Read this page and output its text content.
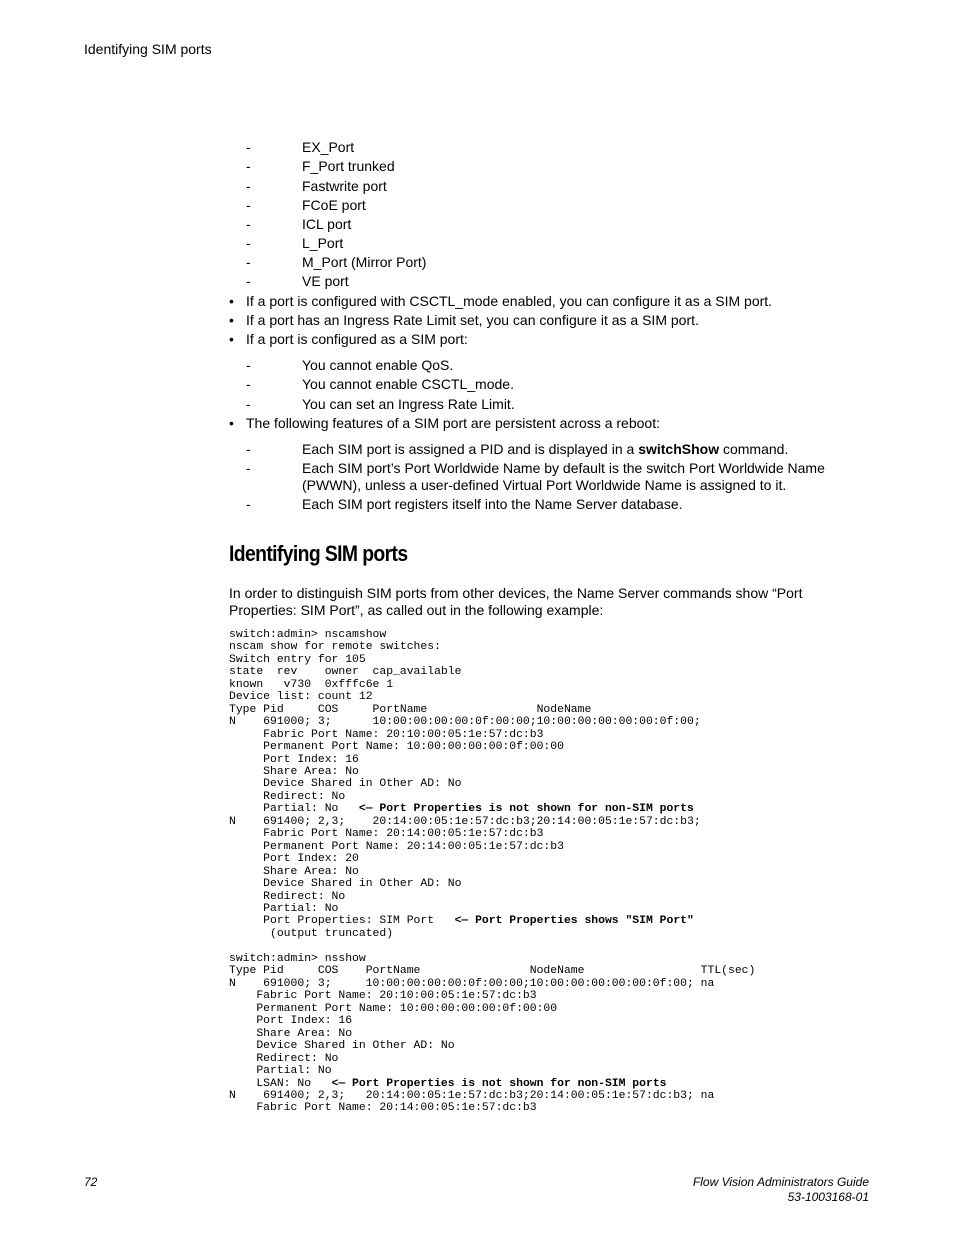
Identifying SIM ports
-	EX_Port
-	F_Port trunked
-	Fastwrite port
-	FCoE port
-	ICL port
-	L_Port
-	M_Port (Mirror Port)
-	VE port
• If a port is configured with CSCTL_mode enabled, you can configure it as a SIM port.
• If a port has an Ingress Rate Limit set, you can configure it as a SIM port.
• If a port is configured as a SIM port:
-	You cannot enable QoS.
-	You cannot enable CSCTL_mode.
-	You can set an Ingress Rate Limit.
• The following features of a SIM port are persistent across a reboot:
-	Each SIM port is assigned a PID and is displayed in a switchShow command.
-	Each SIM port’s Port Worldwide Name by default is the switch Port Worldwide Name
(PWWN), unless a user-defined Virtual Port Worldwide Name is assigned to it.
-	Each SIM port registers itself into the Name Server database.
Identifying SIM ports
In order to distinguish SIM ports from other devices, the Name Server commands show “Port
Properties: SIM Port”, as called out in the following example:
switch:admin> nscamshow
nscam show for remote switches:
Switch entry for 105
state  rev    owner  cap_available
known   v730  0xfffc6e 1
Device list: count 12
Type Pid     COS     PortName                NodeName
N    691000; 3;      10:00:00:00:00:0f:00:00;10:00:00:00:00:00:0f:00;
Fabric Port Name: 20:10:00:05:1e:57:dc:b3
Permanent Port Name: 10:00:00:00:00:0f:00:00
Port Index: 16
Share Area: No
Device Shared in Other AD: No
Redirect: No
Partial: No   <— Port Properties is not shown for non-SIM ports
N    691400; 2,3;    20:14:00:05:1e:57:dc:b3;20:14:00:05:1e:57:dc:b3;
Fabric Port Name: 20:14:00:05:1e:57:dc:b3
Permanent Port Name: 20:14:00:05:1e:57:dc:b3
Port Index: 20
Share Area: No
Device Shared in Other AD: No
Redirect: No
Partial: No
Port Properties: SIM Port   <— Port Properties shows "SIM Port"
(output truncated)
switch:admin> nsshow
Type Pid     COS    PortName                NodeName                 TTL(sec)
N    691000; 3;     10:00:00:00:00:0f:00:00;10:00:00:00:00:00:0f:00; na
Fabric Port Name: 20:10:00:05:1e:57:dc:b3
Permanent Port Name: 10:00:00:00:00:0f:00:00
Port Index: 16
Share Area: No
Device Shared in Other AD: No
Redirect: No
Partial: No
LSAN: No   <— Port Properties is not shown for non-SIM ports
N    691400; 2,3;   20:14:00:05:1e:57:dc:b3;20:14:00:05:1e:57:dc:b3; na
Fabric Port Name: 20:14:00:05:1e:57:dc:b3
72	Flow Vision Administrators Guide
53-1003168-01
